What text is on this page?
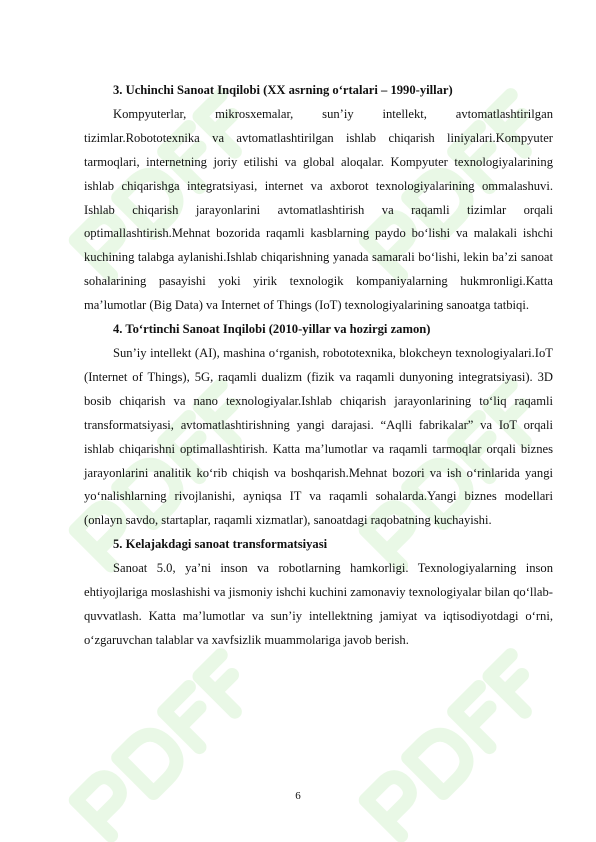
3. Uchinchi Sanoat Inqilobi (XX asrning o‘rtalari – 1990-yillar)

Kompyuterlar, mikrosxemalar, sun’iy intellekt, avtomatlashtirilgan tizimlar.Robototexnika va avtomatlashtirilgan ishlab chiqarish liniyalari.Kompyuter tarmoqlari, internetning joriy etilishi va global aloqalar. Kompyuter texnologiyalarining ishlab chiqarishga integratsiyasi, internet va axborot texnologiyalarining ommalashuvi. Ishlab chiqarish jarayonlarini avtomatlashtirish va raqamli tizimlar orqali optimallashtirish.Mehnat bozorida raqamli kasblarning paydo bo‘lishi va malakali ishchi kuchining talabga aylanishi.Ishlab chiqarishning yanada samarali bo‘lishi, lekin ba’zi sanoat sohalarining pasayishi yoki yirik texnologik kompaniyalarning hukmronligi.Katta ma’lumotlar (Big Data) va Internet of Things (IoT) texnologiyalarining sanoatga tatbiqi.

4. To‘rtinchi Sanoat Inqilobi (2010-yillar va hozirgi zamon)

Sun’iy intellekt (AI), mashina o‘rganish, robototexnika, blokcheyn texnologiyalari.IoT (Internet of Things), 5G, raqamli dualizm (fizik va raqamli dunyoning integratsiyasi). 3D bosib chiqarish va nano texnologiyalar.Ishlab chiqarish jarayonlarining to‘liq raqamli transformatsiyasi, avtomatlashtirishning yangi darajasi. “Aqlli fabrikalar” va IoT orqali ishlab chiqarishni optimallashtirish. Katta ma’lumotlar va raqamli tarmoqlar orqali biznes jarayonlarini analitik ko‘rib chiqish va boshqarish.Mehnat bozori va ish o‘rinlarida yangi yo‘nalishlarning rivojlanishi, ayniqsa IT va raqamli sohalarda.Yangi biznes modellari (onlayn savdo, startaplar, raqamli xizmatlar), sanoatdagi raqobatning kuchayishi.

5. Kelajakdagi sanoat transformatsiyasi

Sanoat 5.0, ya’ni inson va robotlarning hamkorligi. Texnologiyalarning inson ehtiyojlariga moslashishi va jismoniy ishchi kuchini zamonaviy texnologiyalar bilan qo‘llab-quvvatlash. Katta ma’lumotlar va sun’iy intellektning jamiyat va iqtisodiyotdagi o‘rni, o‘zgaruvchan talablar va xavfsizlik muammolariga javob berish.

6
